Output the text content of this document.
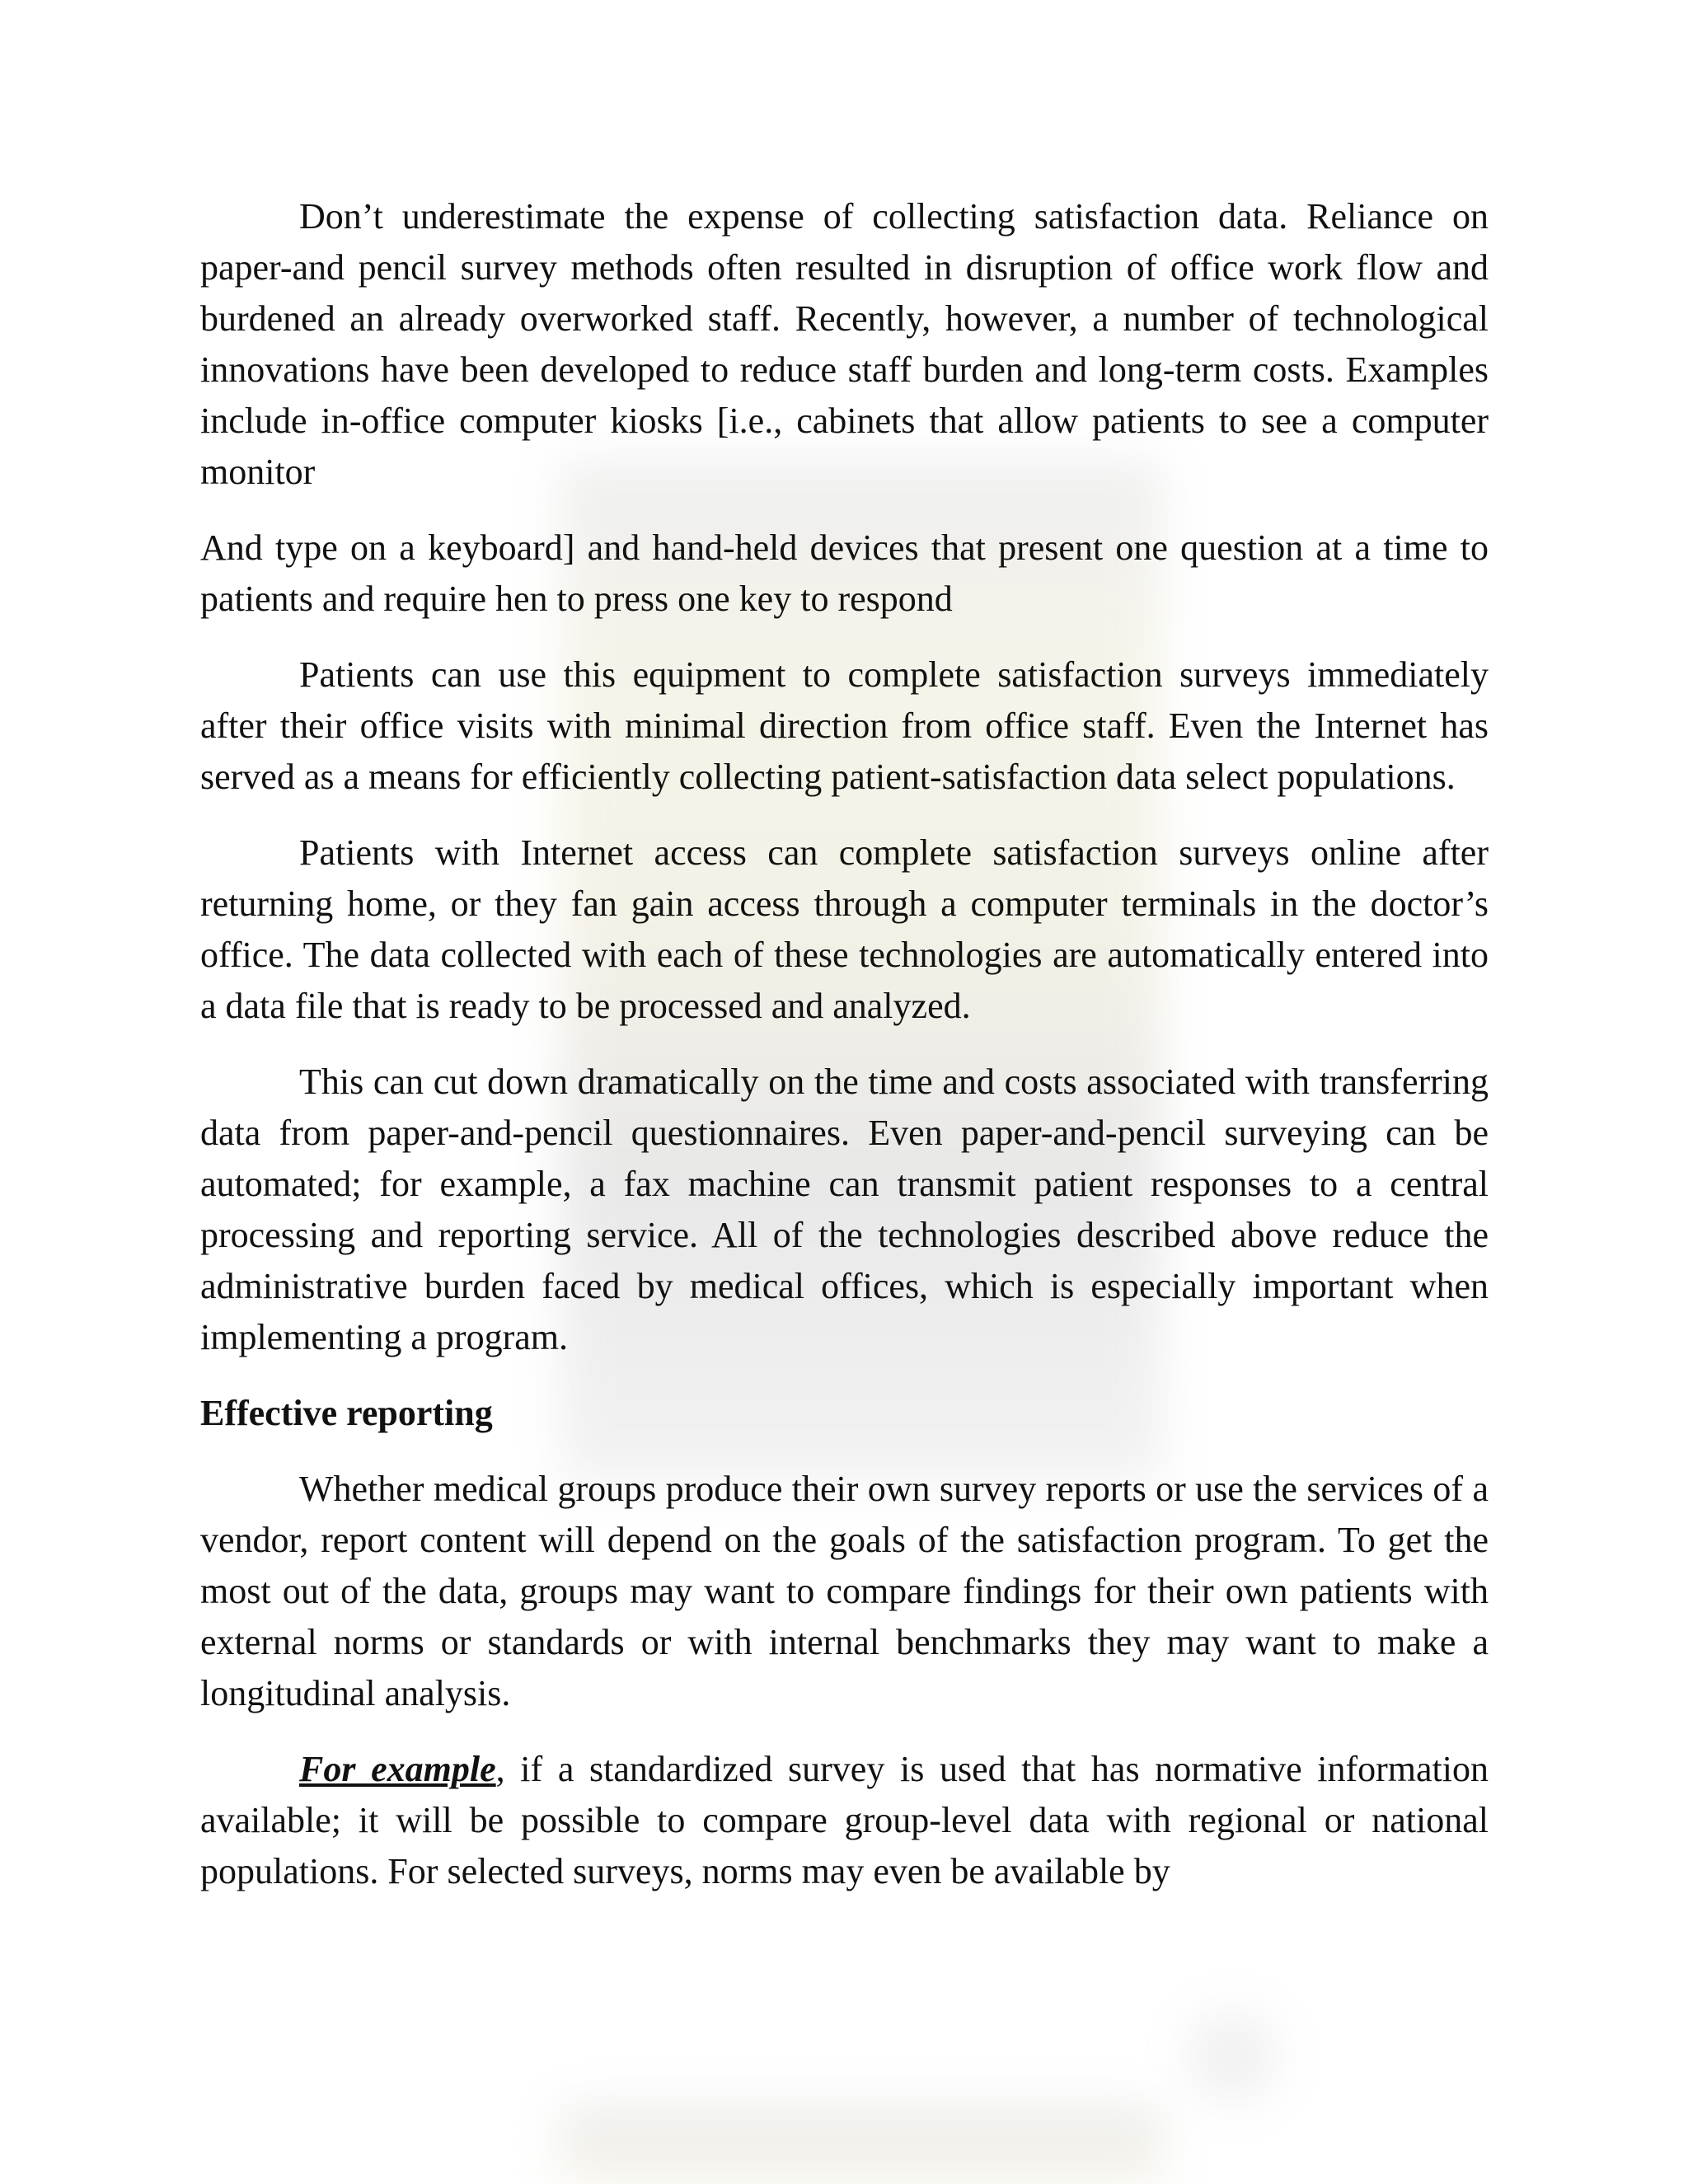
Don’t underestimate the expense of collecting satisfaction data. Reliance on paper-and pencil survey methods often resulted in disruption of office work flow and burdened an already overworked staff. Recently, however, a number of technological innovations have been developed to reduce staff burden and long-term costs. Examples include in-office computer kiosks [i.e., cabinets that allow patients to see a computer monitor

And type on a keyboard] and hand-held devices that present one question at a time to patients and require hen to press one key to respond

Patients can use this equipment to complete satisfaction surveys immediately after their office visits with minimal direction from office staff. Even the Internet has served as a means for efficiently collecting patient-satisfaction data select populations.

Patients with Internet access can complete satisfaction surveys online after returning home, or they fan gain access through a computer terminals in the doctor’s office. The data collected with each of these technologies are automatically entered into a data file that is ready to be processed and analyzed.

This can cut down dramatically on the time and costs associated with transferring data from paper-and-pencil questionnaires. Even paper-and-pencil surveying can be automated; for example, a fax machine can transmit patient responses to a central processing and reporting service. All of the technologies described above reduce the administrative burden faced by medical offices, which is especially important when implementing a program.

Effective reporting

Whether medical groups produce their own survey reports or use the services of a vendor, report content will depend on the goals of the satisfaction program. To get the most out of the data, groups may want to compare findings for their own patients with external norms or standards or with internal benchmarks they may want to make a longitudinal analysis.

For example, if a standardized survey is used that has normative information available; it will be possible to compare group-level data with regional or national populations. For selected surveys, norms may even be available by
